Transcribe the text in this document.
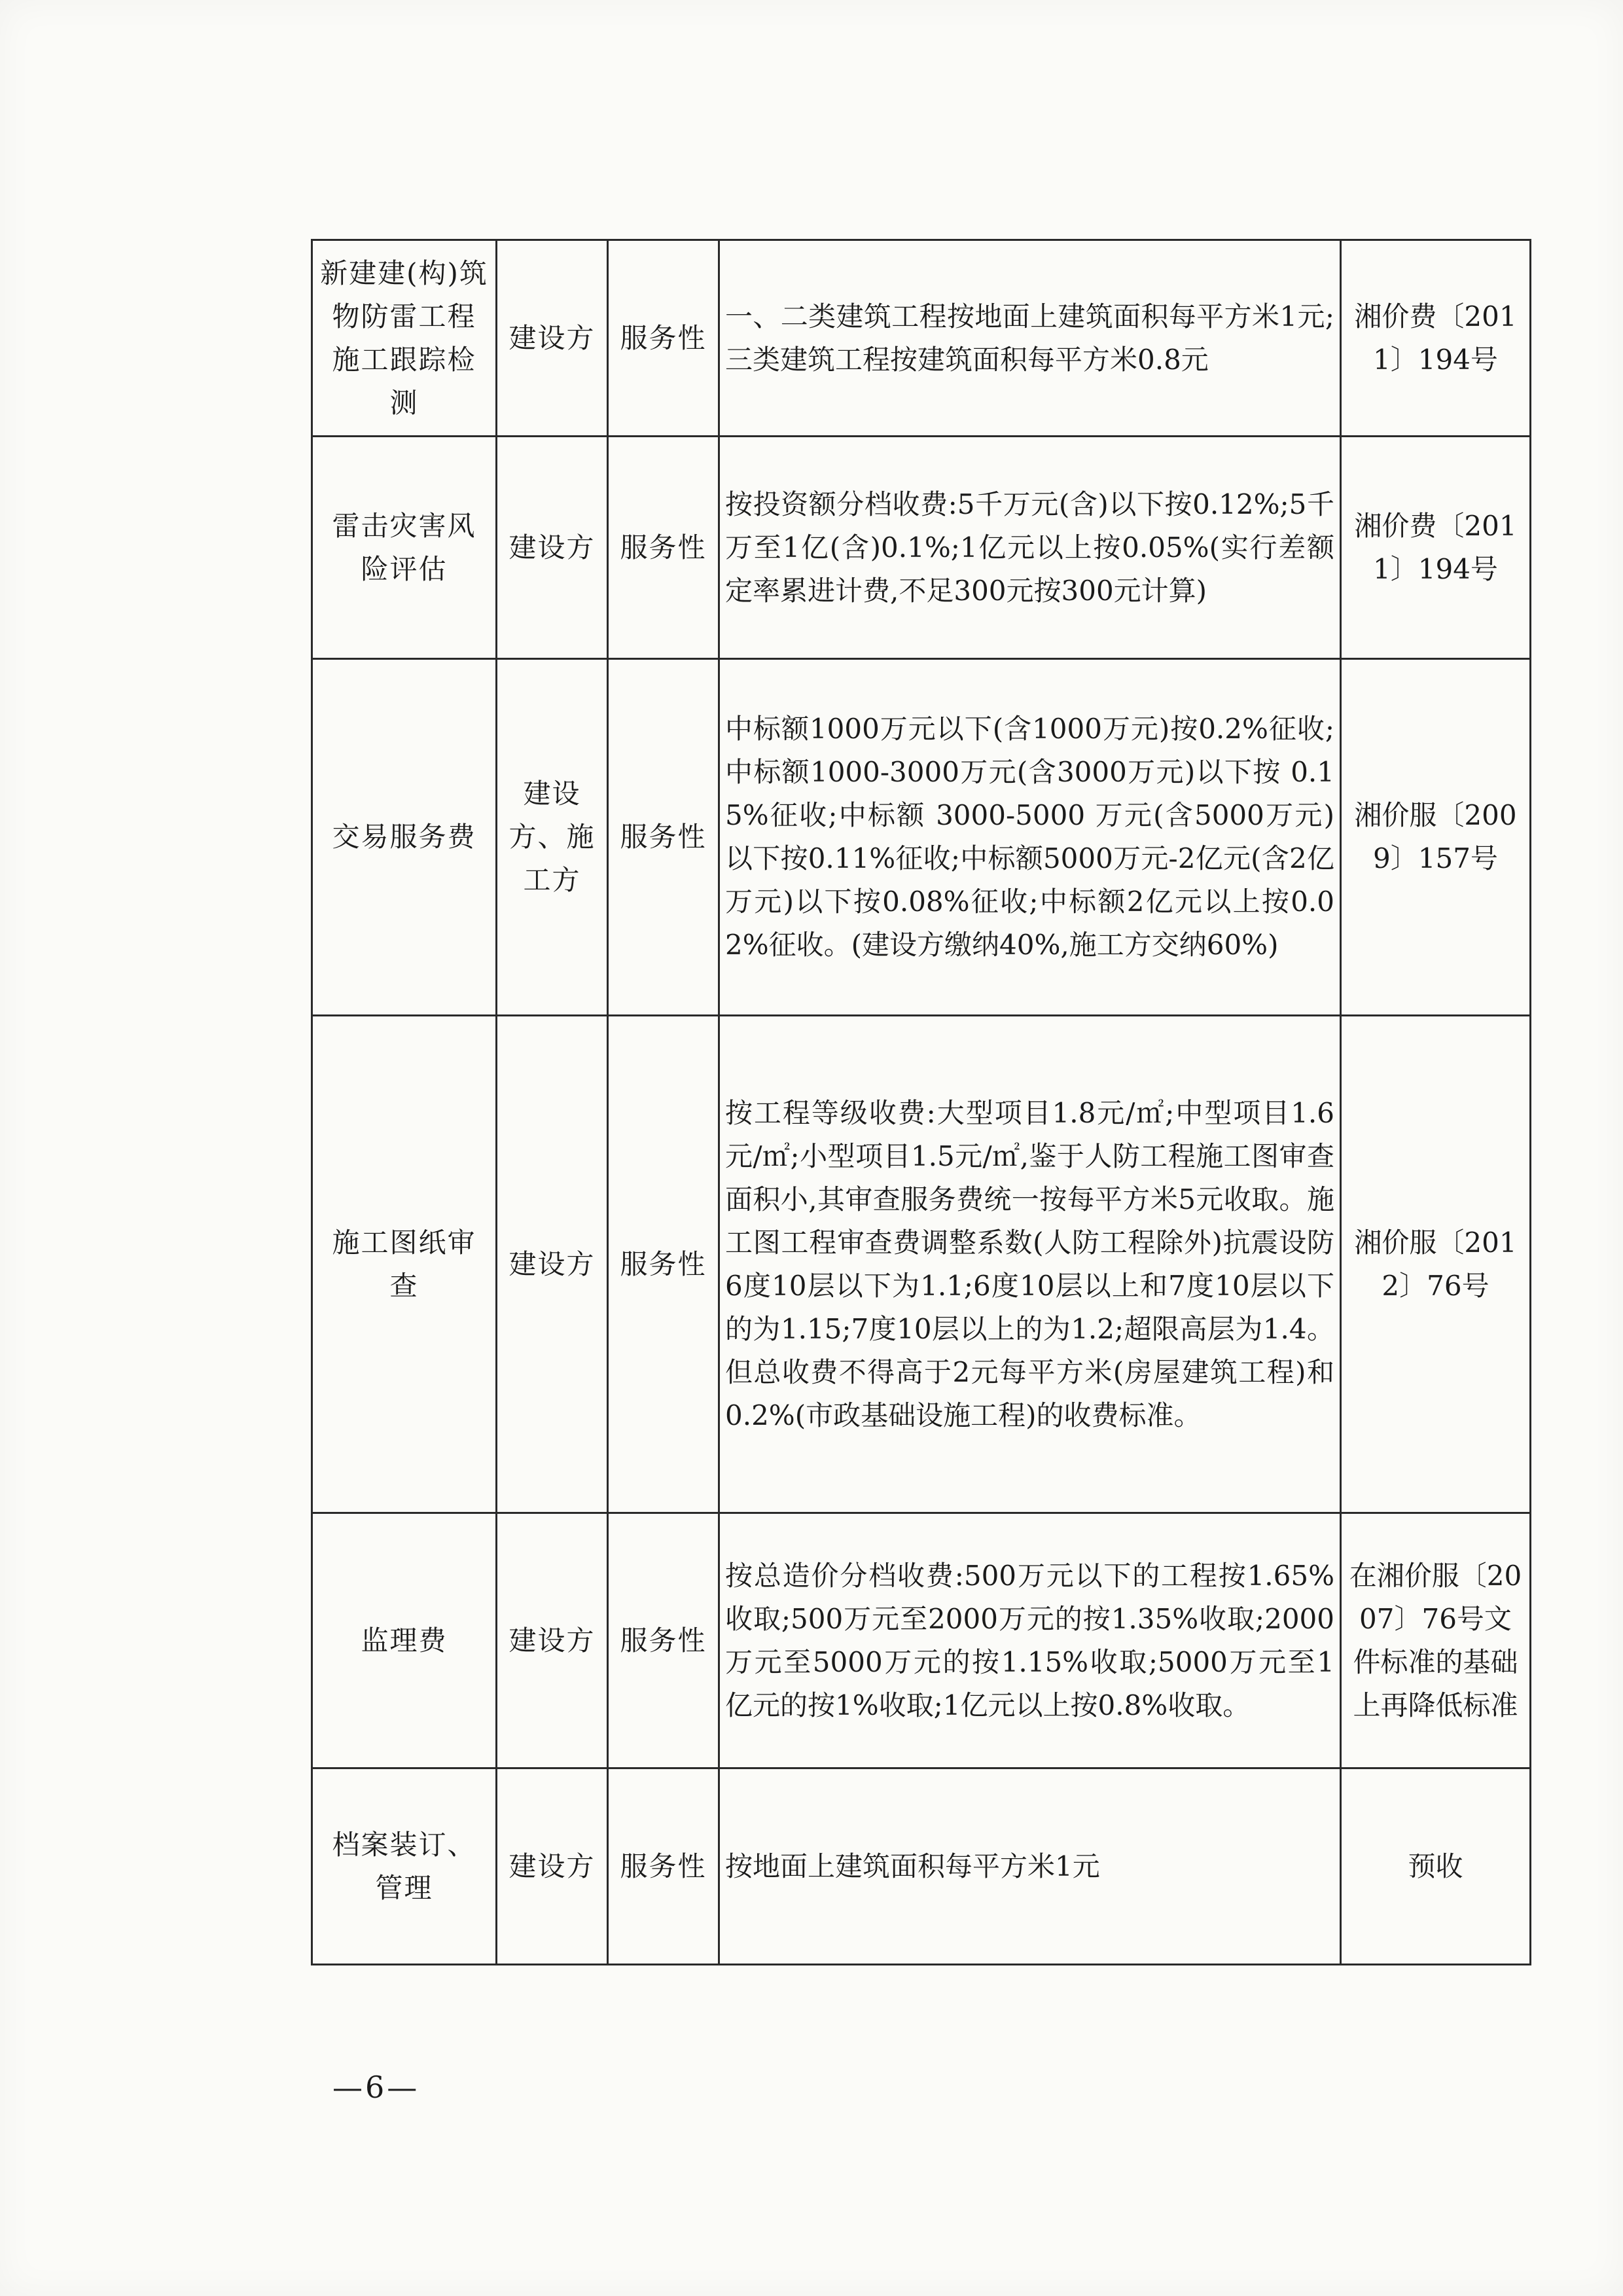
新建建(构)筑物防雷工程施工跟踪检测	建设方	服务性	一、二类建筑工程按地面上建筑面积每平方米1元;三类建筑工程按建筑面积每平方米0.8元	湘价费〔2011〕194号
雷击灾害风险评估	建设方	服务性	按投资额分档收费:5千万元(含)以下按0.12%;5千万至1亿(含)0.1%;1亿元以上按0.05%(实行差额定率累进计费,不足300元按300元计算)	湘价费〔2011〕194号
交易服务费	建设方、施工方	服务性	中标额1000万元以下(含1000万元)按0.2%征收;中标额1000-3000万元(含3000万元)以下按 0.15%征收;中标额 3000-5000 万元(含5000万元)以下按0.11%征收;中标额5000万元-2亿元(含2亿万元)以下按0.08%征收;中标额2亿元以上按0.02%征收。(建设方缴纳40%,施工方交纳60%)	湘价服〔2009〕157号
施工图纸审查	建设方	服务性	按工程等级收费:大型项目1.8元/㎡;中型项目1.6元/㎡;小型项目1.5元/㎡,鉴于人防工程施工图审查面积小,其审查服务费统一按每平方米5元收取。施工图工程审查费调整系数(人防工程除外)抗震设防6度10层以下为1.1;6度10层以上和7度10层以下的为1.15;7度10层以上的为1.2;超限高层为1.4。但总收费不得高于2元每平方米(房屋建筑工程)和0.2%(市政基础设施工程)的收费标准。	湘价服〔2012〕76号
监理费	建设方	服务性	按总造价分档收费:500万元以下的工程按1.65%收取;500万元至2000万元的按1.35%收取;2000万元至5000万元的按1.15%收取;5000万元至1亿元的按1%收取;1亿元以上按0.8%收取。	在湘价服〔2007〕76号文件标准的基础上再降低标准
档案装订、管理	建设方	服务性	按地面上建筑面积每平方米1元	预收
—6—
